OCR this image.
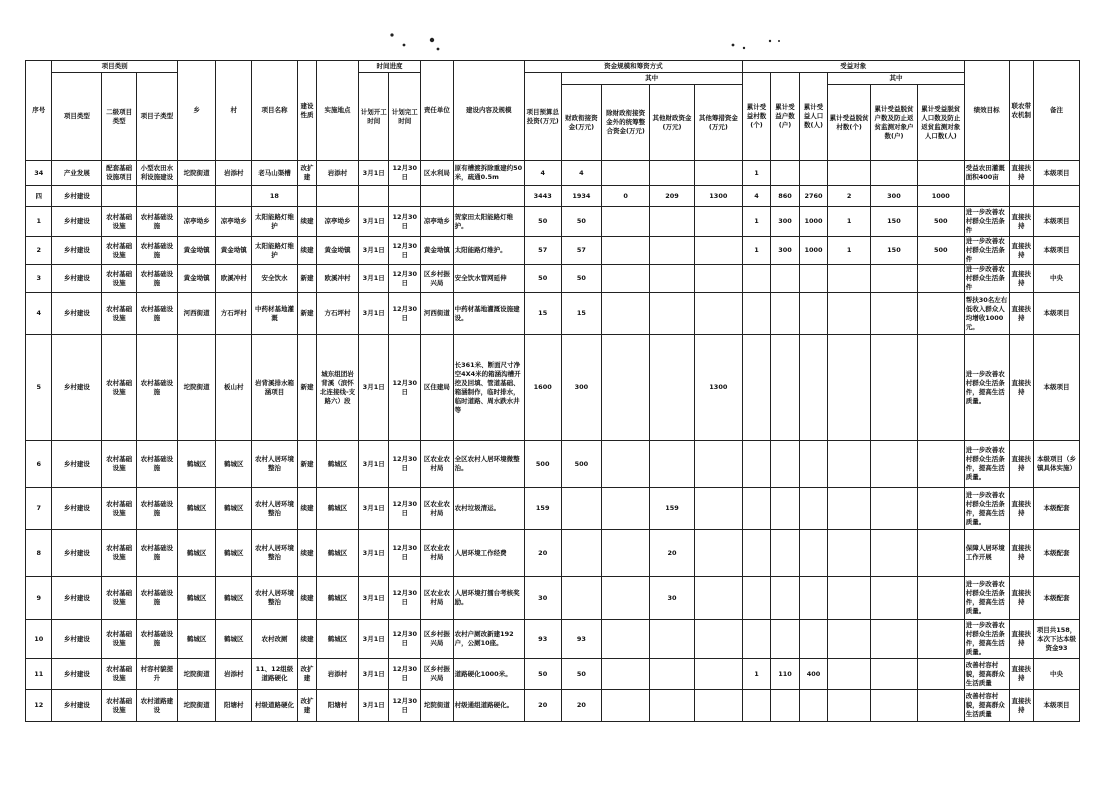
序号	项目类别			乡	村	项目名称	建设性质	实施地点	时间进度		责任单位	建设内容及规模	资金规模和筹资方式					受益对象						绩效目标	联农带农机制	备注
	项目类型	二级项目类型	项目子类型						计划开工时间	计划完工时间			项目预算总投资(万元)	其中				累计受益村数(个)	累计受益户数(户)	累计受益人口数(人)	其中					
														财政衔接资金(万元)	除财政衔接资金外的统筹整合资金(万元)	其他财政资金(万元)	其他筹措资金(万元)				累计受益脱贫村数(个)	累计受益脱贫户数及防止返贫监测对象户数(户)	累计受益脱贫人口数及防止返贫监测对象人口数(人)			
34	产业发展	配套基础设施项目	小型农田水利设施建设	坨院街道	岩添村	老马山渠槽	改扩建	岩添村	3月1日	12月30日	区水利局	原有槽渡拆除重建约50米，疏通0.5m	4	4				1						受益农田灌溉面积400亩	直接扶持	本级项目
四	乡村建设					18							3443	1934	0	209	1300	4	860	2760	2	300	1000			
1	乡村建设	农村基础设施	农村基础设施	凉亭坳乡	凉亭坳乡	太阳能路灯维护	续建	凉亭坳乡	3月1日	12月30日	凉亭坳乡	贺家田太阳能路灯维护。	50	50				1	300	1000	1	150	500	进一步改善农村群众生活条件	直接扶持	本级项目
2	乡村建设	农村基础设施	农村基础设施	黄金坳镇	黄金坳镇	太阳能路灯维护	续建	黄金坳镇	3月1日	12月30日	黄金坳镇	太阳能路灯维护。	57	57				1	300	1000	1	150	500	进一步改善农村群众生活条件	直接扶持	本级项目
3	乡村建设	农村基础设施	农村基础设施	黄金坳镇	欧溪冲村	安全饮水	新建	欧溪冲村	3月1日	12月30日	区乡村振兴局	安全饮水管网延伸	50	50										进一步改善农村群众生活条件	直接扶持	中央
4	乡村建设	农村基础设施	农村基础设施	河西街道	方石坪村	中药材基地灌溉	新建	方石坪村	3月1日	12月30日	河西街道	中药材基地灌溉设施建设。	15	15										帮扶30名左右低收入群众人均增收1000元。	直接扶持	本级项目
5	乡村建设	农村基础设施	农村基础设施	坨院街道	板山村	岩背溪排水箱涵项目	新建	城东组团岩背溪（滨怀北连接线-支路六）段	3月1日	12月30日	区住建局	长361米、断面尺寸净空4X4米的箱涵沟槽开挖及回填、管道基础、箱涵制作，临时排水，临时道路、周水跌水井等	1600	300			1300							进一步改善农村群众生活条件，提高生活质量。	直接扶持	本级项目
6	乡村建设	农村基础设施	农村基础设施	鹤城区	鹤城区	农村人居环境整治	新建	鹤城区	3月1日	12月30日	区农业农村局	全区农村人居环境微整治。	500	500										进一步改善农村群众生活条件，提高生活质量。	直接扶持	本级项目（乡镇具体实施）
7	乡村建设	农村基础设施	农村基础设施	鹤城区	鹤城区	农村人居环境整治	续建	鹤城区	3月1日	12月30日	区农业农村局	农村垃圾清运。	159			159								进一步改善农村群众生活条件，提高生活质量。	直接扶持	本级配套
8	乡村建设	农村基础设施	农村基础设施	鹤城区	鹤城区	农村人居环境整治	续建	鹤城区	3月1日	12月30日	区农业农村局	人居环境工作经费	20			20								保障人居环境工作开展	直接扶持	本级配套
9	乡村建设	农村基础设施	农村基础设施	鹤城区	鹤城区	农村人居环境整治	续建	鹤城区	3月1日	12月30日	区农业农村局	人居环境打擂台考核奖励。	30			30								进一步改善农村群众生活条件，提高生活质量。	直接扶持	本级配套
10	乡村建设	农村基础设施	农村基础设施	鹤城区	鹤城区	农村改厕	续建	鹤城区	3月1日	12月30日	区乡村振兴局	农村户厕改新建192户，公厕10座。	93	93										进一步改善农村群众生活条件，提高生活质量。	直接扶持	项目共158，本次下达本级资金93
11	乡村建设	农村基础设施	村容村貌提升	坨院街道	岩添村	11、12组级道路硬化	改扩建	岩添村	3月1日	12月30日	区乡村振兴局	道路硬化1000米。	50	50				1	110	400				改善村容村貌，提高群众生活质量	直接扶持	中央
12	乡村建设	农村基础设施	农村道路建设	坨院街道	阳塘村	村级道路硬化	改扩建	阳塘村	3月1日	12月30日	坨院街道	村级通组道路硬化。	20	20										改善村容村貌，提高群众生活质量	直接扶持	本级项目
